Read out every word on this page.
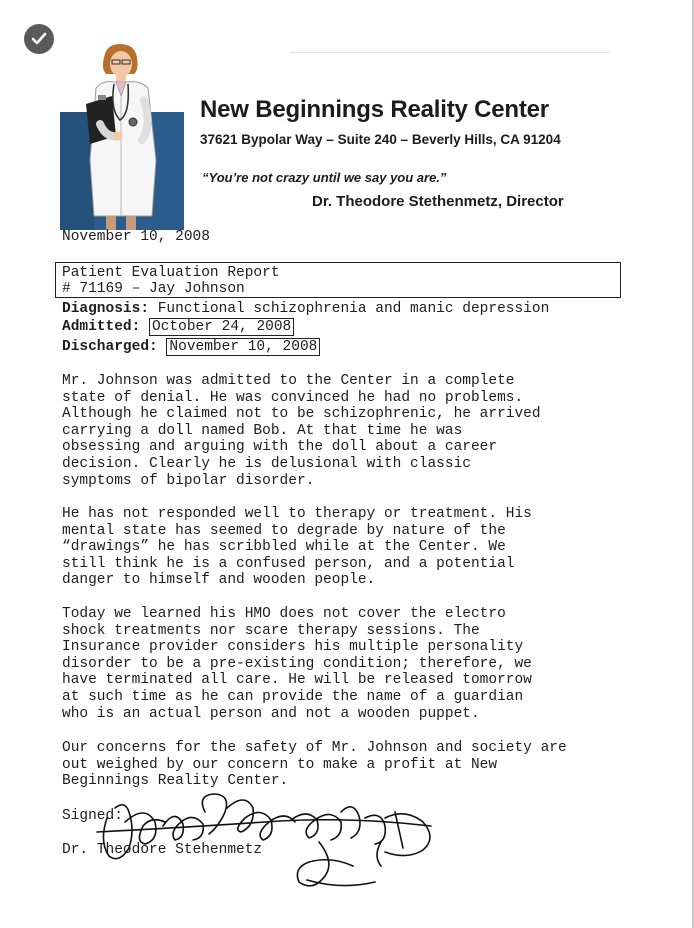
New Beginnings Reality Center
37621 Bypolar Way – Suite 240 – Beverly Hills, CA 91204
“You’re not crazy until we say you are.”
Dr. Theodore Stethenmetz, Director
November 10, 2008
Patient Evaluation Report
# 71169 – Jay Johnson
Diagnosis: Functional schizophrenia and manic depression
Admitted: October 24, 2008
Discharged: November 10, 2008

Mr. Johnson was admitted to the Center in a complete
state of denial. He was convinced he had no problems.
Although he claimed not to be schizophrenic, he arrived
carrying a doll named Bob. At that time he was
obsessing and arguing with the doll about a career
decision. Clearly he is delusional with classic
symptoms of bipolar disorder.

He has not responded well to therapy or treatment. His
mental state has seemed to degrade by nature of the
“drawings” he has scribbled while at the Center. We
still think he is a confused person, and a potential
danger to himself and wooden people.

Today we learned his HMO does not cover the electro
shock treatments nor scare therapy sessions. The
Insurance provider considers his multiple personality
disorder to be a pre-existing condition; therefore, we
have terminated all care. He will be released tomorrow
at such time as he can provide the name of a guardian
who is an actual person and not a wooden puppet.

Our concerns for the safety of Mr. Johnson and society are
out weighed by our concern to make a profit at New
Beginnings Reality Center.

Signed:
Dr. Theodore Stehenmetz
